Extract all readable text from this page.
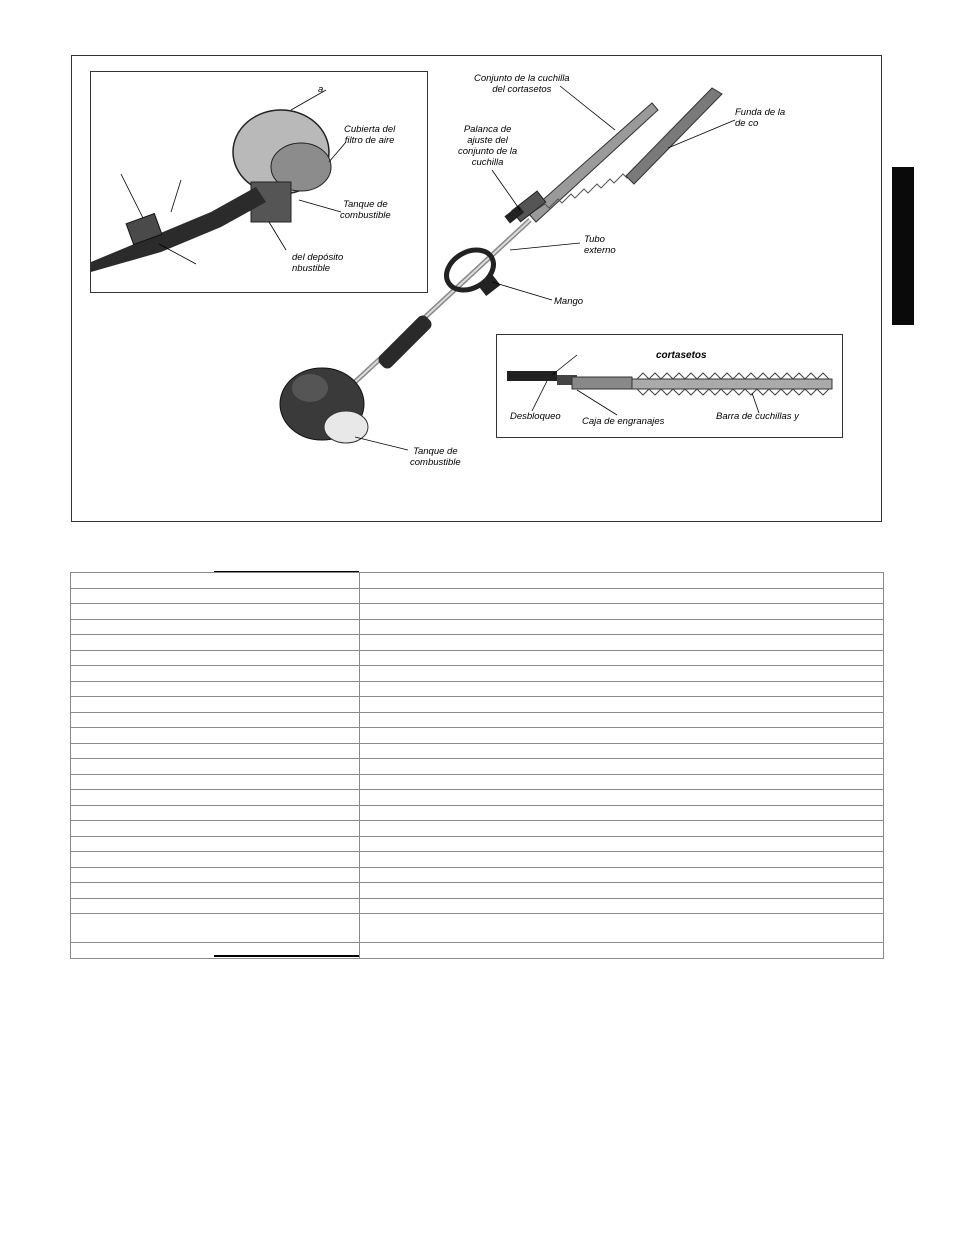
Conjunto de la cuchilla
del cortasetos
Funda de la
de co
Palanca de
ajuste del
conjunto de la
cuchilla
Tubo
externo
Mango
Tanque de
combustible
a
Cubierta del
filtro de aire
Tanque de
combustible
del depósito
nbustible
cortasetos
Desbloqueo Caja de engranajes	Barra de cuchillas y
